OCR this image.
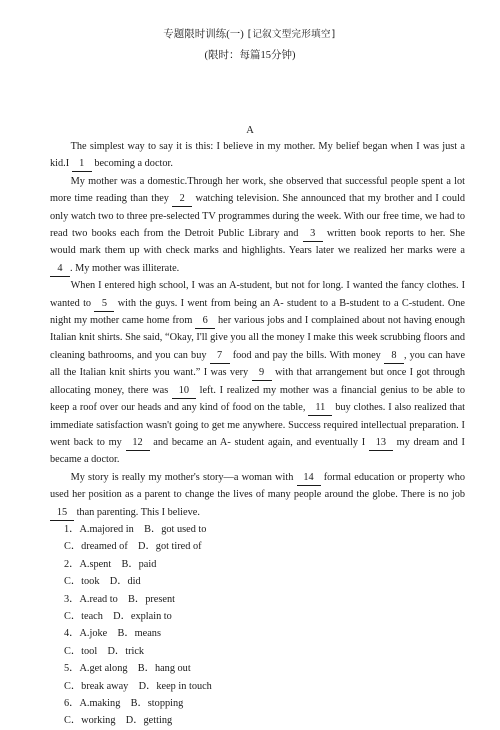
专题限时训练(一) [记叙文型完形填空]
(限时：每篇15分钟)
A

The simplest way to say it is this: I believe in my mother. My belief began when I was just a kid.I 1 becoming a doctor.

My mother was a domestic.Through her work, she observed that successful people spent a lot more time reading than they 2 watching television. She announced that my brother and I could only watch two to three pre-selected TV programmes during the week. With our free time, we had to read two books each from the Detroit Public Library and 3 written book reports to her. She would mark them up with check marks and highlights. Years later we realized her marks were a 4 . My mother was illiterate.

When I entered high school, I was an A-student, but not for long. I wanted the fancy clothes. I wanted to 5 with the guys. I went from being an A- student to a B-student to a C-student. One night my mother came home from 6 her various jobs and I complained about not having enough Italian knit shirts. She said, “Okay, I'll give you all the money I make this week scrubbing floors and cleaning bathrooms, and you can buy 7 food and pay the bills. With money 8 , you can have all the Italian knit shirts you want.” I was very 9 with that arrangement but once I got through allocating money, there was 10 left. I realized my mother was a financial genius to be able to keep a roof over our heads and any kind of food on the table, 11 buy clothes. I also realized that immediate satisfaction wasn't going to get me anywhere. Success required intellectual preparation. I went back to my 12 and became an A- student again, and eventually I 13 my dream and I became a doctor.

My story is really my mother's story—a woman with 14 formal education or property who used her position as a parent to change the lives of many people around the globe. There is no job 15 than parenting. This I believe.

1．A.majored in　B．got used to
C．dreamed of　D．got tired of
2．A.spent　B．paid
C．took　D．did
3．A.read to　B．present
C．teach　D．explain to
4．A.joke　B．means
C．tool　D．trick
5．A.get along　B．hang out
C．break away　D．keep in touch
6．A.making　B．stopping
C．working　D．getting
